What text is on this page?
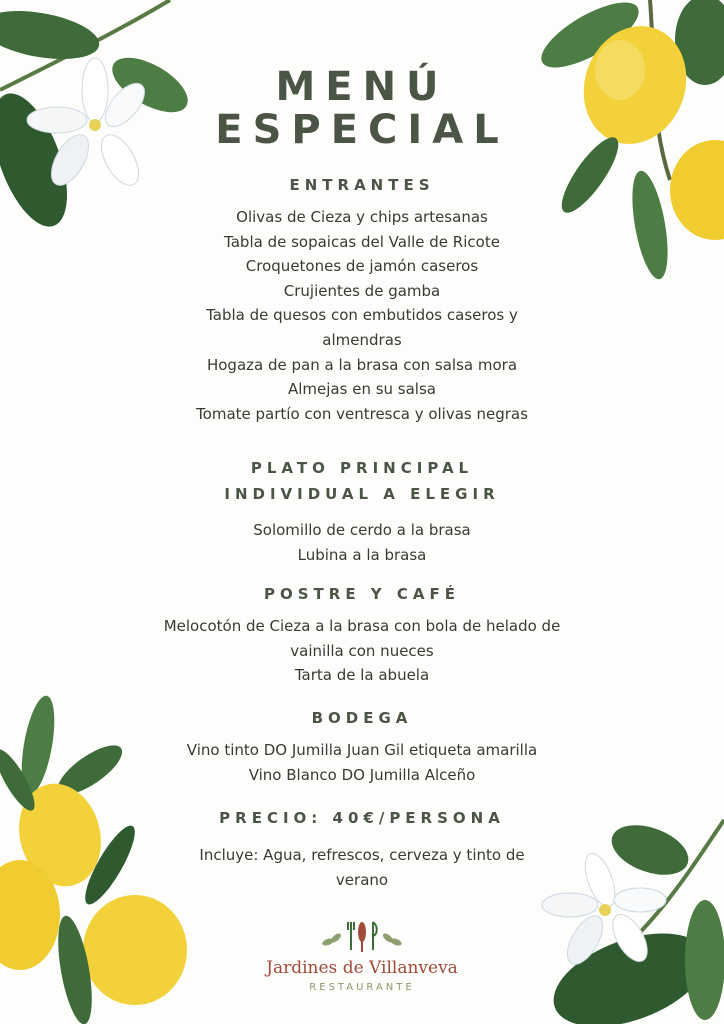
MENÚ
ESPECIAL
ENTRANTES
Olivas de Cieza y chips artesanas
Tabla de sopaicas del Valle de Ricote
Croquetones de jamón caseros
Crujientes de gamba
Tabla de quesos con embutidos caseros y
almendras
Hogaza de pan a la brasa con salsa mora
Almejas en su salsa
Tomate partío con ventresca y olivas negras
PLATO PRINCIPAL
INDIVIDUAL A ELEGIR
Solomillo de cerdo a la brasa
Lubina a la brasa
POSTRE Y CAFÉ
Melocotón de Cieza a la brasa con bola de helado de
vainilla con nueces
Tarta de la abuela
BODEGA
Vino tinto DO Jumilla Juan Gil etiqueta amarilla
Vino Blanco DO Jumilla Alceño
PRECIO: 40€/PERSONA
Incluye: Agua, refrescos, cerveza y tinto de
verano
Jardines de Villanveva
RESTAURANTE
